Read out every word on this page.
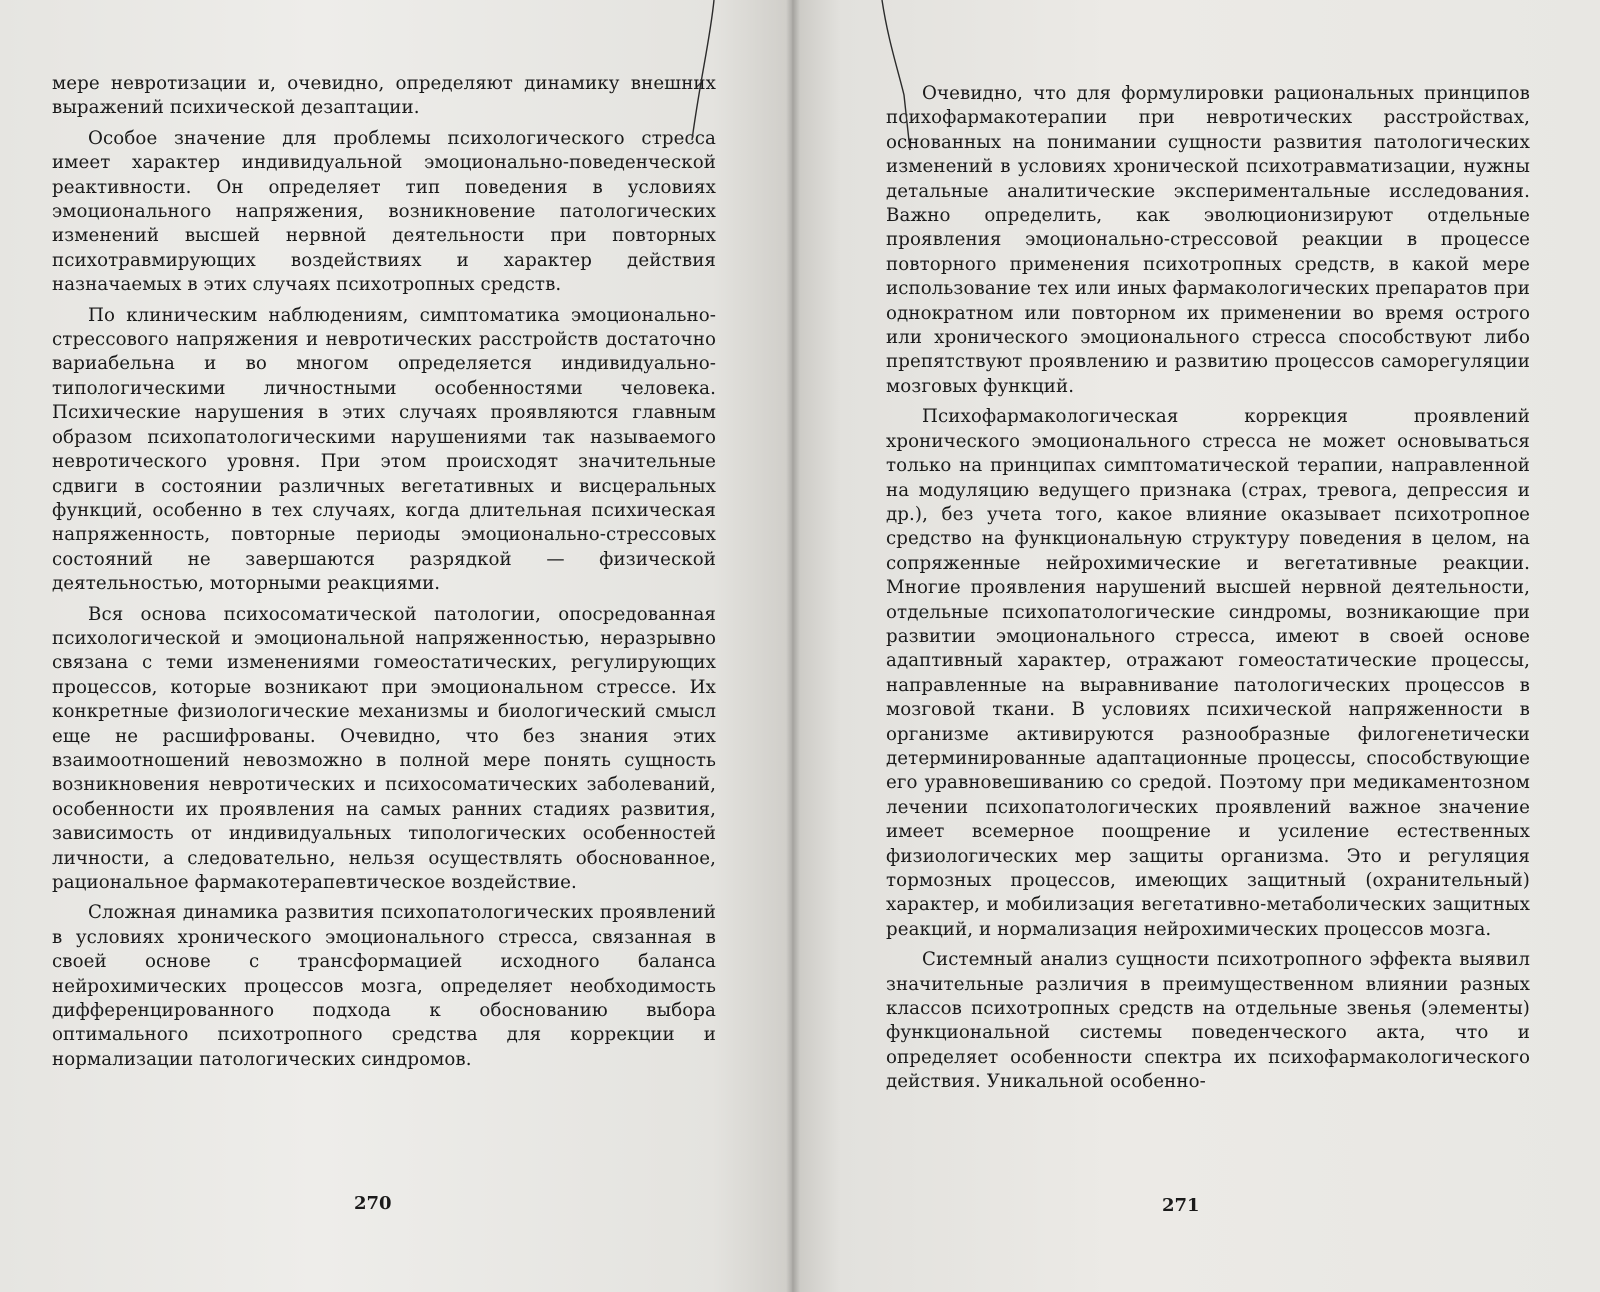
мере невротизации и, очевидно, определяют динамику внешних выражений психической дезаптации.

Особое значение для проблемы психологического стресса имеет характер индивидуальной эмоционально-поведенческой реактивности. Он определяет тип поведения в условиях эмоционального напряжения, возникновение патологических изменений высшей нервной деятельности при повторных психотравмирующих воздействиях и характер действия назначаемых в этих случаях психотропных средств.

По клиническим наблюдениям, симптоматика эмоционально-стрессового напряжения и невротических расстройств достаточно вариабельна и во многом определяется индивидуально-типологическими личностными особенностями человека. Психические нарушения в этих случаях проявляются главным образом психопатологическими нарушениями так называемого невротического уровня. При этом происходят значительные сдвиги в состоянии различных вегетативных и висцеральных функций, особенно в тех случаях, когда длительная психическая напряженность, повторные периоды эмоционально-стрессовых состояний не завершаются разрядкой — физической деятельностью, моторными реакциями.

Вся основа психосоматической патологии, опосредованная психологической и эмоциональной напряженностью, неразрывно связана с теми изменениями гомеостатических, регулирующих процессов, которые возникают при эмоциональном стрессе. Их конкретные физиологические механизмы и биологический смысл еще не расшифрованы. Очевидно, что без знания этих взаимоотношений невозможно в полной мере понять сущность возникновения невротических и психосоматических заболеваний, особенности их проявления на самых ранних стадиях развития, зависимость от индивидуальных типологических особенностей личности, а следовательно, нельзя осуществлять обоснованное, рациональное фармакотерапевтическое воздействие.

Сложная динамика развития психопатологических проявлений в условиях хронического эмоционального стресса, связанная в своей основе с трансформацией исходного баланса нейрохимических процессов мозга, определяет необходимость дифференцированного подхода к обоснованию выбора оптимального психотропного средства для коррекции и нормализации патологических синдромов.

270

Очевидно, что для формулировки рациональных принципов психофармакотерапии при невротических расстройствах, основанных на понимании сущности развития патологических изменений в условиях хронической психотравматизации, нужны детальные аналитические экспериментальные исследования. Важно определить, как эволюционизируют отдельные проявления эмоционально-стрессовой реакции в процессе повторного применения психотропных средств, в какой мере использование тех или иных фармакологических препаратов при однократном или повторном их применении во время острого или хронического эмоционального стресса способствуют либо препятствуют проявлению и развитию процессов саморегуляции мозговых функций.

Психофармакологическая коррекция проявлений хронического эмоционального стресса не может основываться только на принципах симптоматической терапии, направленной на модуляцию ведущего признака (страх, тревога, депрессия и др.), без учета того, какое влияние оказывает психотропное средство на функциональную структуру поведения в целом, на сопряженные нейрохимические и вегетативные реакции. Многие проявления нарушений высшей нервной деятельности, отдельные психопатологические синдромы, возникающие при развитии эмоционального стресса, имеют в своей основе адаптивный характер, отражают гомеостатические процессы, направленные на выравнивание патологических процессов в мозговой ткани. В условиях психической напряженности в организме активируются разнообразные филогенетически детерминированные адаптационные процессы, способствующие его уравновешиванию со средой. Поэтому при медикаментозном лечении психопатологических проявлений важное значение имеет всемерное поощрение и усиление естественных физиологических мер защиты организма. Это и регуляция тормозных процессов, имеющих защитный (охранительный) характер, и мобилизация вегетативно-метаболических защитных реакций, и нормализация нейрохимических процессов мозга.

Системный анализ сущности психотропного эффекта выявил значительные различия в преимущественном влиянии разных классов психотропных средств на отдельные звенья (элементы) функциональной системы поведенческого акта, что и определяет особенности спектра их психофармакологического действия. Уникальной особенно-

271
